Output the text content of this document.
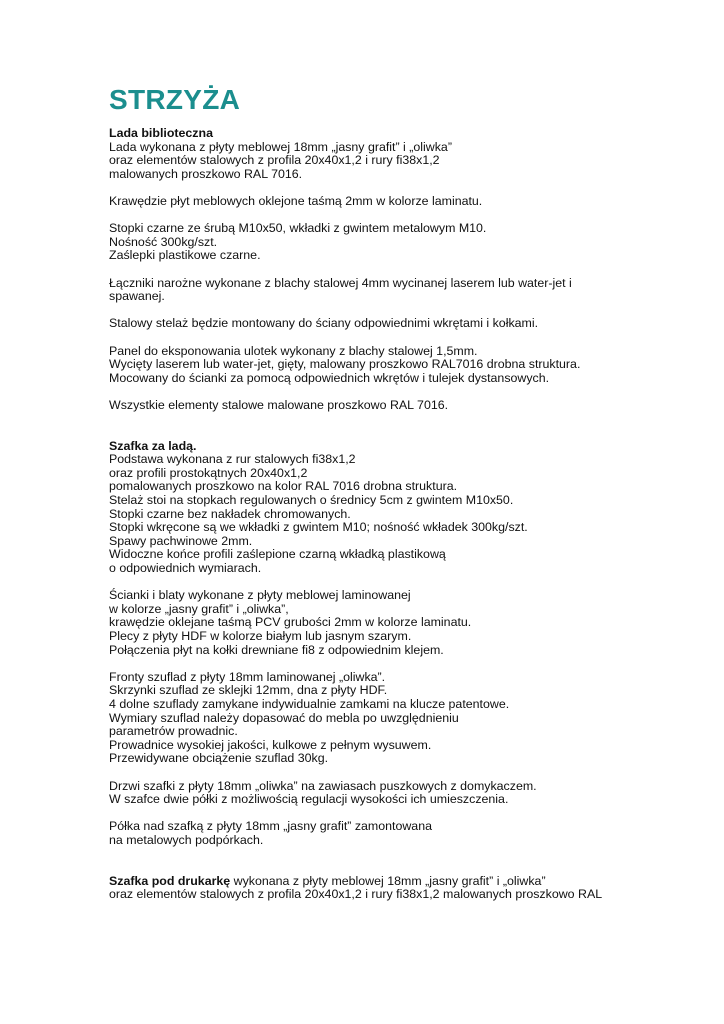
STRZYŻA
Lada biblioteczna
Lada wykonana z płyty meblowej 18mm „jasny grafit” i „oliwka”
oraz elementów stalowych z profila 20x40x1,2 i rury fi38x1,2
malowanych proszkowo RAL 7016.
Krawędzie płyt meblowych oklejone taśmą 2mm w kolorze laminatu.
Stopki czarne ze śrubą M10x50, wkładki z gwintem metalowym M10.
Nośność 300kg/szt.
Zaślepki plastikowe czarne.
Łączniki narożne wykonane z blachy stalowej 4mm wycinanej laserem lub water-jet i
spawanej.
Stalowy stelaż będzie montowany do ściany odpowiednimi wkrętami i kołkami.
Panel do eksponowania ulotek wykonany z blachy stalowej 1,5mm.
Wycięty laserem lub water-jet, gięty, malowany proszkowo RAL7016 drobna struktura.
Mocowany do ścianki za pomocą odpowiednich wkrętów i tulejek dystansowych.
Wszystkie elementy stalowe malowane proszkowo RAL 7016.
Szafka za ladą.
Podstawa wykonana z rur stalowych fi38x1,2
oraz profili prostokątnych 20x40x1,2
pomalowanych proszkowo na kolor RAL 7016 drobna struktura.
Stelaż stoi na stopkach regulowanych o średnicy 5cm z gwintem M10x50.
Stopki czarne bez nakładek chromowanych.
Stopki wkręcone są we wkładki z gwintem M10; nośność wkładek 300kg/szt.
Spawy pachwinowe 2mm.
Widoczne końce profili zaślepione czarną wkładką plastikową
o odpowiednich wymiarach.
Ścianki i blaty wykonane z płyty meblowej laminowanej
w kolorze „jasny grafit” i „oliwka”,
krawędzie oklejane taśmą PCV grubości 2mm w kolorze laminatu.
Plecy z płyty HDF w kolorze białym lub jasnym szarym.
Połączenia płyt na kołki drewniane fi8 z odpowiednim klejem.
Fronty szuflad z płyty 18mm laminowanej „oliwka”.
Skrzynki szuflad ze sklejki 12mm, dna z płyty HDF.
4 dolne szuflady zamykane indywidualnie zamkami na klucze patentowe.
Wymiary szuflad należy dopasować do mebla po uwzględnieniu
parametrów prowadnic.
Prowadnice wysokiej jakości, kulkowe z pełnym wysuwem.
Przewidywane obciążenie szuflad 30kg.
Drzwi szafki z płyty 18mm „oliwka” na zawiasach puszkowych z domykaczem.
W szafce dwie półki z możliwością regulacji wysokości ich umieszczenia.
Półka nad szafką z płyty 18mm „jasny grafit” zamontowana
na metalowych podpórkach.
Szafka pod drukarkę wykonana z płyty meblowej 18mm „jasny grafit” i „oliwka”
oraz elementów stalowych z profila 20x40x1,2 i rury fi38x1,2 malowanych proszkowo RAL
